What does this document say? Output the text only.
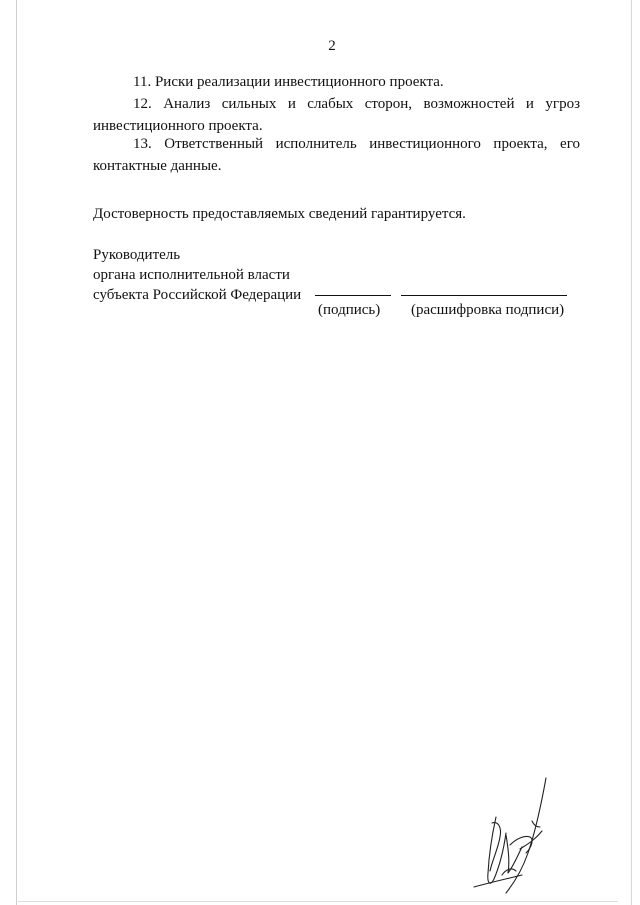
2

11. Риски реализации инвестиционного проекта.

12. Анализ сильных и слабых сторон, возможностей и угроз инвестиционного проекта.

13. Ответственный исполнитель инвестиционного проекта, его контактные данные.

Достоверность предоставляемых сведений гарантируется.
Руководитель
органа исполнительной власти
субъекта Российской Федерации
(подпись) (расшифровка подписи)
